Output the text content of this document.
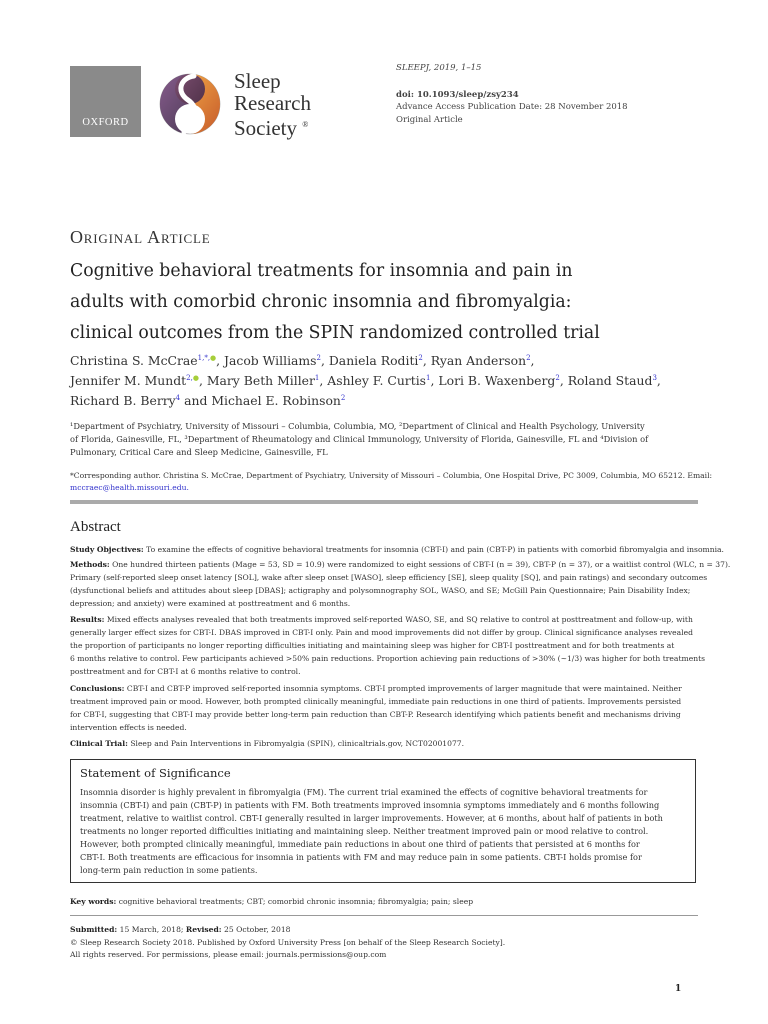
OXFORD
Sleep
Research
Society ®
SLEEPJ, 2019, 1–15
doi: 10.1093/sleep/zsy234
Advance Access Publication Date: 28 November 2018
Original Article
Original Article
Cognitive behavioral treatments for insomnia and pain in
adults with comorbid chronic insomnia and fibromyalgia:
clinical outcomes from the SPIN randomized controlled trial
Christina S. McCrae$^{1,*,●}$, Jacob Williams$^2$, Daniela Roditi$^2$, Ryan Anderson$^2$,
Jennifer M. Mundt$^{2,●}$, Mary Beth Miller$^1$, Ashley F. Curtis$^1$, Lori B. Waxenberg$^2$, Roland Staud$^3$,
Richard B. Berry$^4$ and Michael E. Robinson$^2$
¹Department of Psychiatry, University of Missouri – Columbia, Columbia, MO, ²Department of Clinical and Health Psychology, University
of Florida, Gainesville, FL, ³Department of Rheumatology and Clinical Immunology, University of Florida, Gainesville, FL and ⁴Division of
Pulmonary, Critical Care and Sleep Medicine, Gainesville, FL
*Corresponding author. Christina S. McCrae, Department of Psychiatry, University of Missouri – Columbia, One Hospital Drive, PC 3009, Columbia, MO 65212. Email:
mccraec@health.missouri.edu.
Abstract
Study Objectives: To examine the effects of cognitive behavioral treatments for insomnia (CBT-I) and pain (CBT-P) in patients with comorbid fibromyalgia and insomnia.
Methods: One hundred thirteen patients (Mage = 53, SD = 10.9) were randomized to eight sessions of CBT-I (n = 39), CBT-P (n = 37), or a waitlist control (WLC, n = 37).
Primary (self-reported sleep onset latency [SOL], wake after sleep onset [WASO], sleep efficiency [SE], sleep quality [SQ], and pain ratings) and secondary outcomes
(dysfunctional beliefs and attitudes about sleep [DBAS]; actigraphy and polysomnography SOL, WASO, and SE; McGill Pain Questionnaire; Pain Disability Index;
depression; and anxiety) were examined at posttreatment and 6 months.
Results: Mixed effects analyses revealed that both treatments improved self-reported WASO, SE, and SQ relative to control at posttreatment and follow-up, with
generally larger effect sizes for CBT-I. DBAS improved in CBT-I only. Pain and mood improvements did not differ by group. Clinical significance analyses revealed
the proportion of participants no longer reporting difficulties initiating and maintaining sleep was higher for CBT-I posttreatment and for both treatments at
6 months relative to control. Few participants achieved >50% pain reductions. Proportion achieving pain reductions of >30% (~1/3) was higher for both treatments
posttreatment and for CBT-I at 6 months relative to control.
Conclusions: CBT-I and CBT-P improved self-reported insomnia symptoms. CBT-I prompted improvements of larger magnitude that were maintained. Neither
treatment improved pain or mood. However, both prompted clinically meaningful, immediate pain reductions in one third of patients. Improvements persisted
for CBT-I, suggesting that CBT-I may provide better long-term pain reduction than CBT-P. Research identifying which patients benefit and mechanisms driving
intervention effects is needed.
Clinical Trial: Sleep and Pain Interventions in Fibromyalgia (SPIN), clinicaltrials.gov, NCT02001077.
Statement of Significance
Insomnia disorder is highly prevalent in fibromyalgia (FM). The current trial examined the effects of cognitive behavioral treatments for
insomnia (CBT-I) and pain (CBT-P) in patients with FM. Both treatments improved insomnia symptoms immediately and 6 months following
treatment, relative to waitlist control. CBT-I generally resulted in larger improvements. However, at 6 months, about half of patients in both
treatments no longer reported difficulties initiating and maintaining sleep. Neither treatment improved pain or mood relative to control.
However, both prompted clinically meaningful, immediate pain reductions in about one third of patients that persisted at 6 months for
CBT-I. Both treatments are efficacious for insomnia in patients with FM and may reduce pain in some patients. CBT-I holds promise for
long-term pain reduction in some patients.
Key words: cognitive behavioral treatments; CBT; comorbid chronic insomnia; fibromyalgia; pain; sleep
Submitted: 15 March, 2018; Revised: 25 October, 2018
© Sleep Research Society 2018. Published by Oxford University Press [on behalf of the Sleep Research Society].
All rights reserved. For permissions, please email: journals.permissions@oup.com
1
